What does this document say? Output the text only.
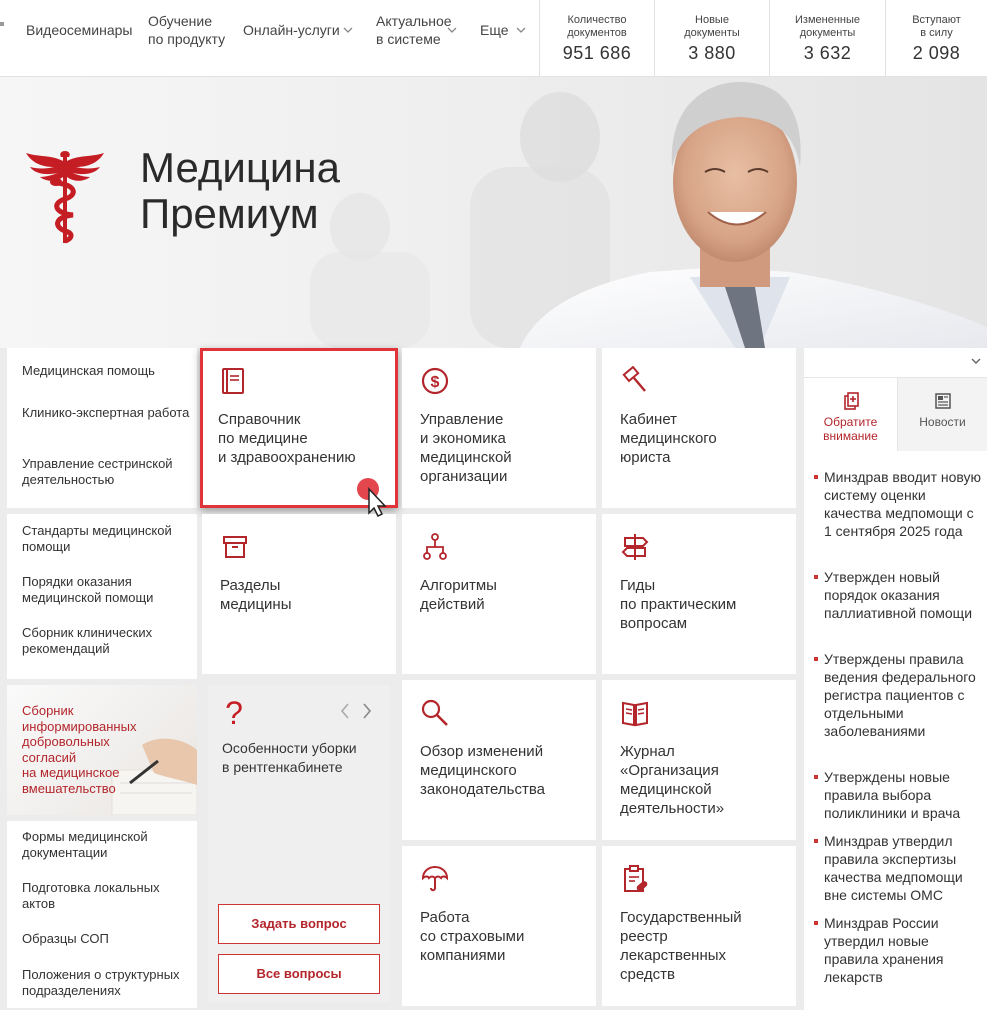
Видеосеминары
Обучение
по продукту
Онлайн-услуги
Актуальное
в системе
Еще
Количество
документов
951 686
Новые
документы
3 880
Измененные
документы
3 632
Вступают
в силу
2 098
Медицина
Премиум
Медицинская помощь
Клинико-экспертная работа
Управление сестринской деятельностью
Стандарты медицинской помощи
Порядки оказания медицинской помощи
Сборник клинических рекомендаций
Сборник
информированных
добровольных
согласий
на медицинское
вмешательство
Формы медицинской документации
Подготовка локальных актов
Образцы СОП
Положения о структурных подразделениях
Справочник
по медицине
и здравоохранению
$
Управление
и экономика
медицинской
организации
Кабинет
медицинского
юриста
Разделы
медицины
Алгоритмы
действий
Гиды
по практическим
вопросам
Обзор изменений
медицинского
законодательства
Журнал
«Организация
медицинской
деятельности»
Работа
со страховыми
компаниями
Государственный
реестр
лекарственных
средств
?
Особенности уборки
в рентгенкабинете
Задать вопрос
Все вопросы
Обратите
внимание
Новости
Минздрав вводит новую систему оценки качества медпомощи с 1 сентября 2025 года
Утвержден новый порядок оказания паллиативной помощи
Утверждены правила ведения федерального регистра пациентов с отдельными заболеваниями
Утверждены новые правила выбора поликлиники и врача
Минздрав утвердил правила экспертизы качества медпомощи вне системы ОМС
Минздрав России утвердил новые правила хранения лекарств
